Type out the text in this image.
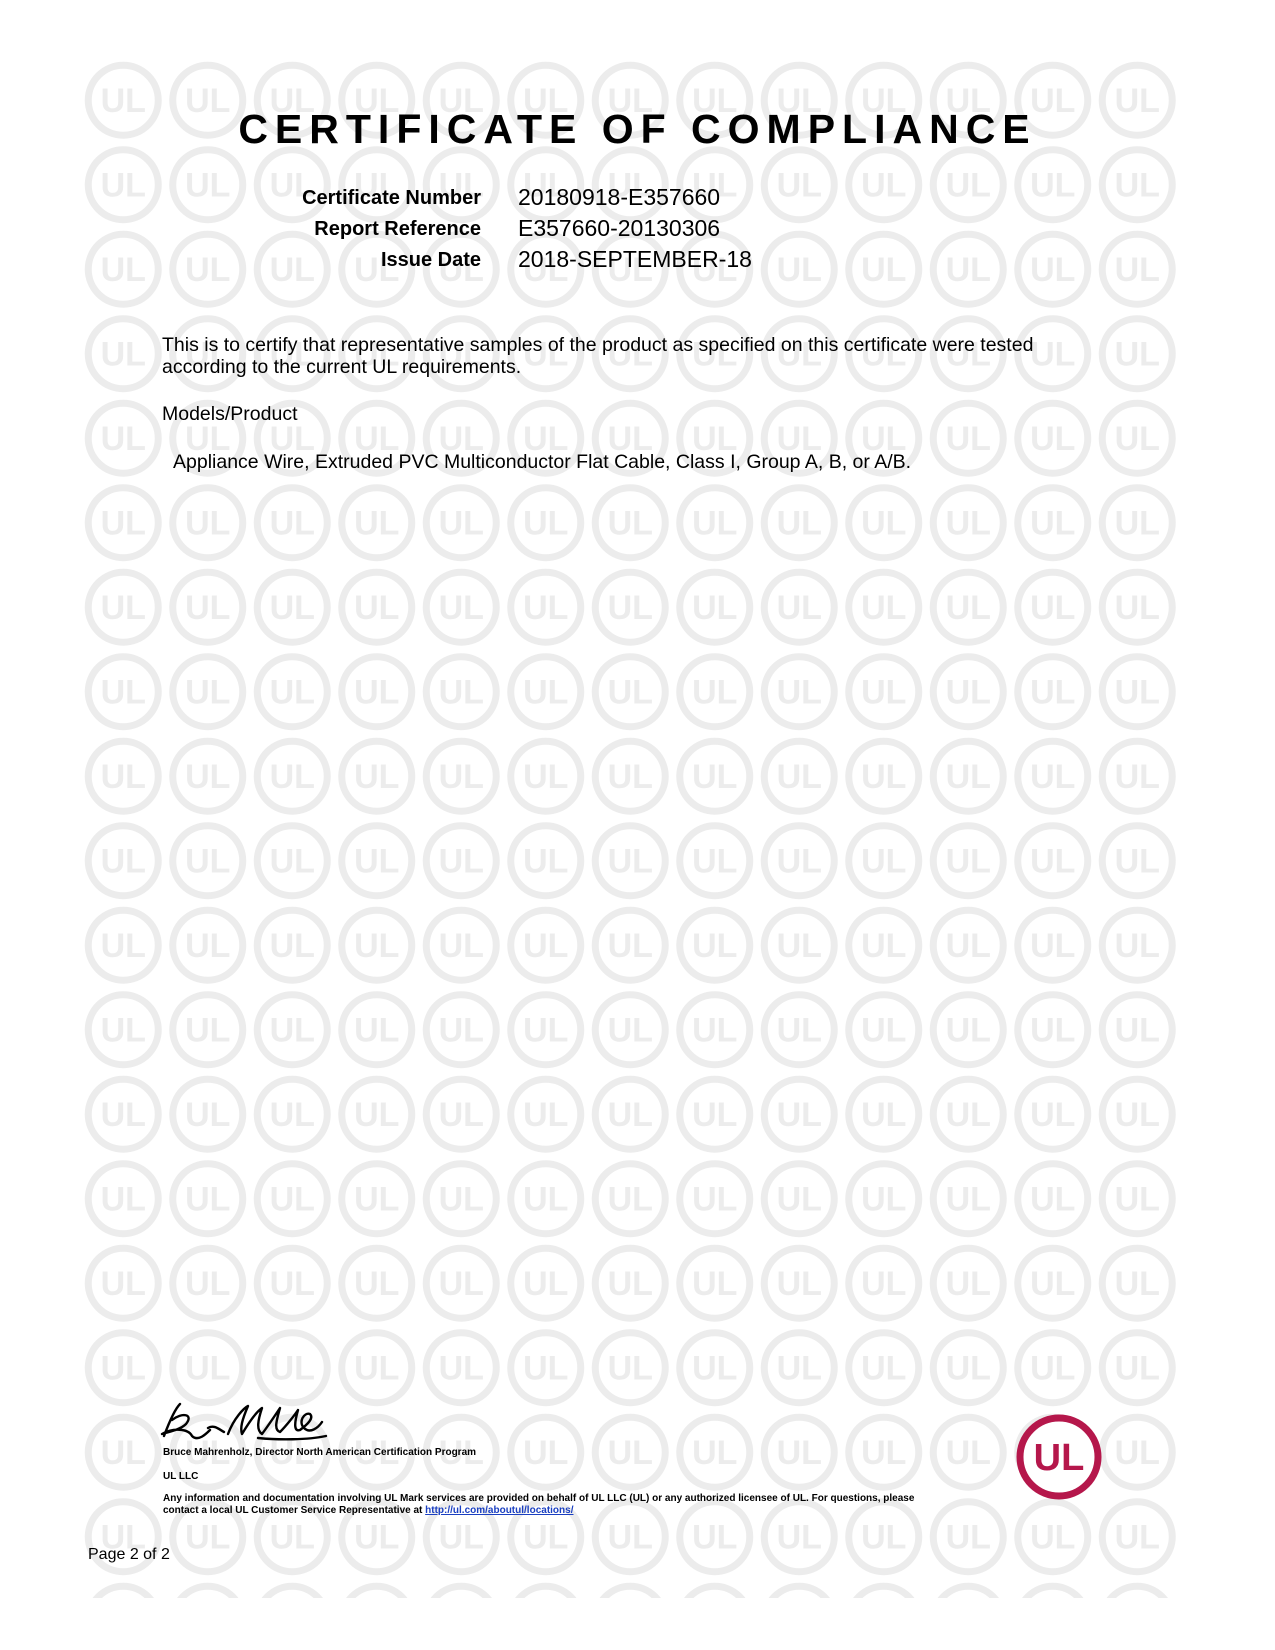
CERTIFICATE OF COMPLIANCE
Certificate Number 20180918-E357660
Report Reference E357660-20130306
Issue Date 2018-SEPTEMBER-18
This is to certify that representative samples of the product as specified on this certificate were tested according to the current UL requirements.
Models/Product
Appliance Wire, Extruded PVC Multiconductor Flat Cable, Class I, Group A, B, or A/B.
Bruce Mahrenholz, Director North American Certification Program
UL LLC
Any information and documentation involving UL Mark services are provided on behalf of UL LLC (UL) or any authorized licensee of UL. For questions, please
contact a local UL Customer Service Representative at http://ul.com/aboutul/locations/
UL
Page 2 of 2
